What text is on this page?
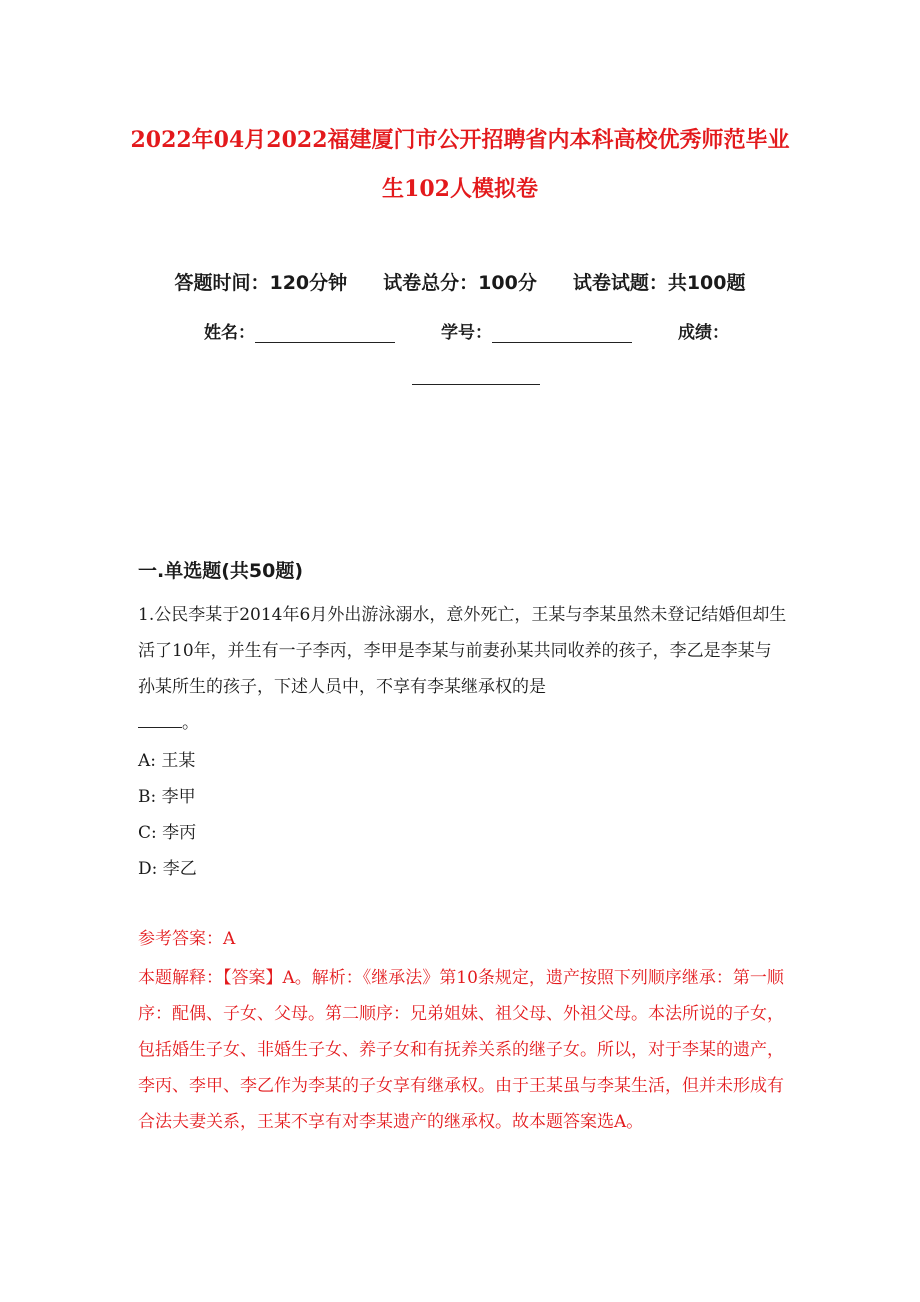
2022年04月2022福建厦门市公开招聘省内本科高校优秀师范毕业
生102人模拟卷
答题时间：120分钟 试卷总分：100分 试卷试题：共100题
姓名：	学号：	成绩：
一.单选题(共50题)
1.公民李某于2014年6月外出游泳溺水，意外死亡，王某与李某虽然未登记结婚但却生活了10年，并生有一子李丙，李甲是李某与前妻孙某共同收养的孩子，李乙是李某与孙某所生的孩子，下述人员中，不享有李某继承权的是
。
A: 王某
B: 李甲
C: 李丙
D: 李乙
参考答案：A
本题解释：【答案】A。解析：《继承法》第10条规定，遗产按照下列顺序继承：第一顺序：配偶、子女、父母。第二顺序：兄弟姐妹、祖父母、外祖父母。本法所说的子女，包括婚生子女、非婚生子女、养子女和有抚养关系的继子女。所以，对于李某的遗产，李丙、李甲、李乙作为李某的子女享有继承权。由于王某虽与李某生活，但并未形成有合法夫妻关系，王某不享有对李某遗产的继承权。故本题答案选A。
